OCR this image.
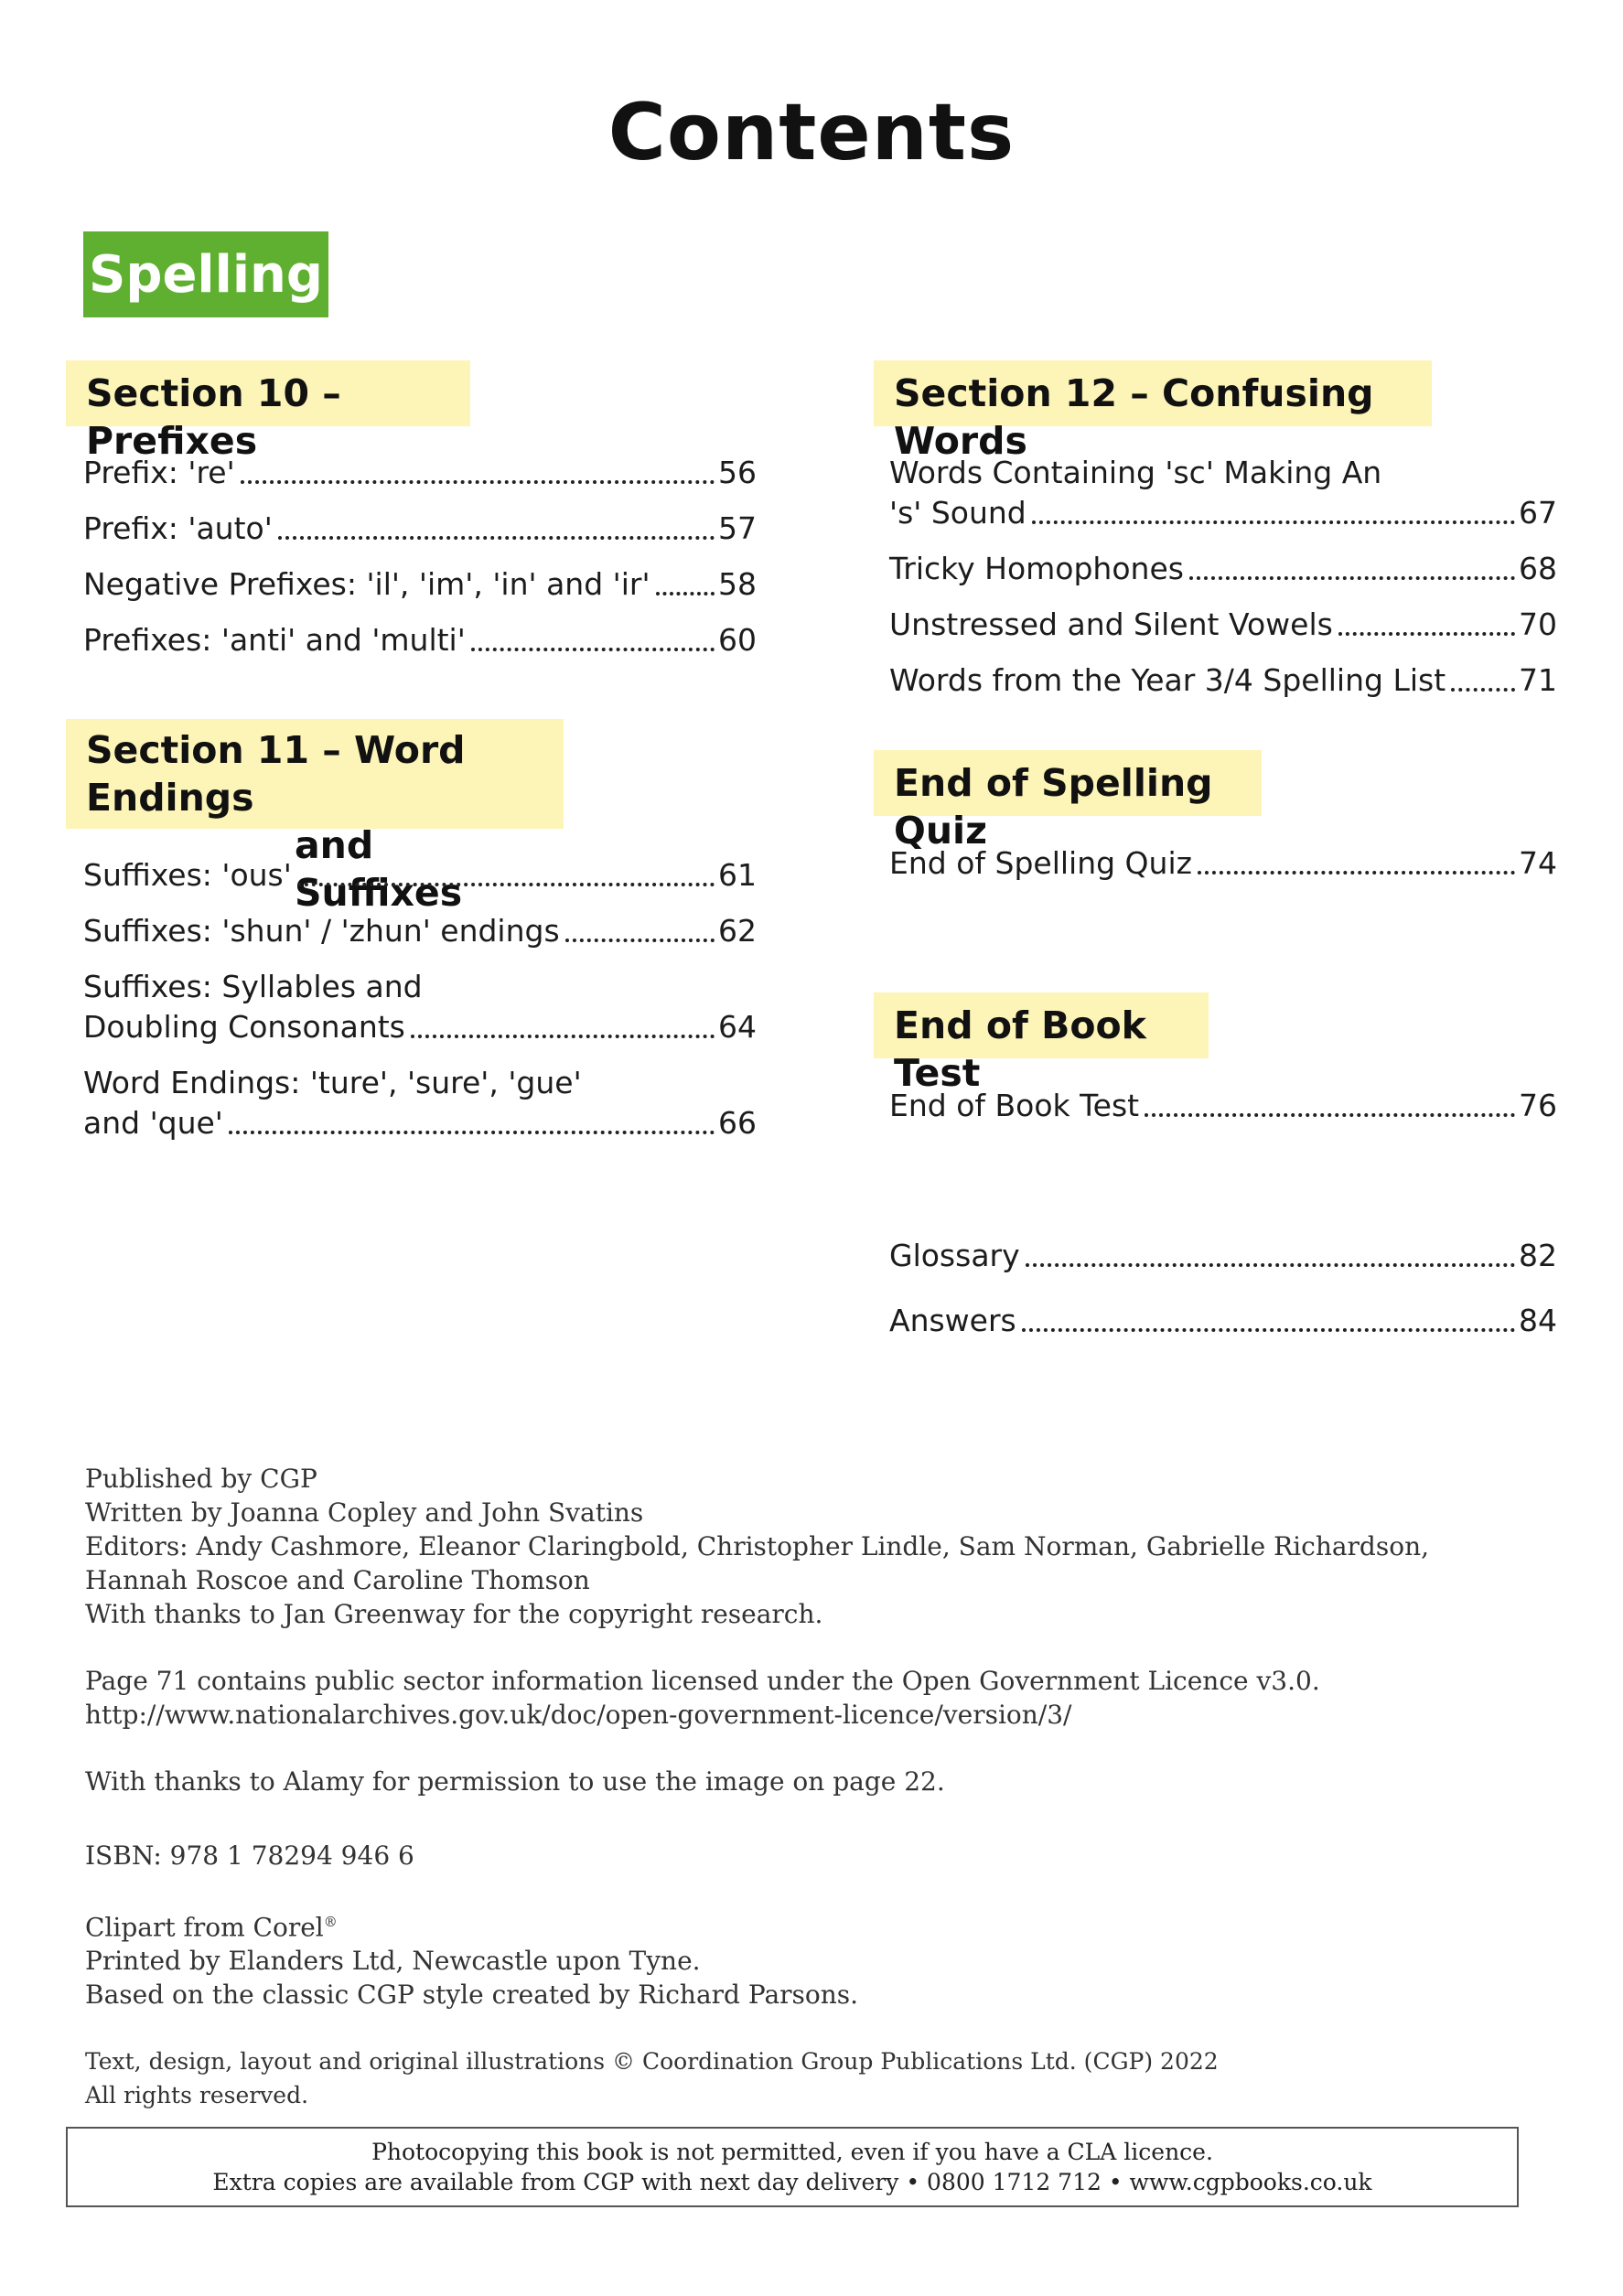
Contents
Spelling
Section 10 – Prefixes
Prefix: 're'	56
Prefix: 'auto'	57
Negative Prefixes: 'il', 'im', 'in' and 'ir' 58
Prefixes: 'anti' and 'multi'	60
Section 11 – Word Endings
and Suffixes
Suffixes: 'ous'	61
Suffixes: 'shun' / 'zhun' endings	62
Suffixes: Syllables and
Doubling Consonants	64
Word Endings: 'ture', 'sure', 'gue'
and 'que'	66
Section 12 – Confusing Words
Words Containing 'sc' Making An
's' Sound	67
Tricky Homophones	68
Unstressed and Silent Vowels	70
Words from the Year 3/4 Spelling List 71
End of Spelling Quiz
End of Spelling Quiz	74
End of Book Test
End of Book Test	76
Glossary	82
Answers	84

Published by CGP

Written by Joanna Copley and John Svatins

Editors: Andy Cashmore, Eleanor Claringbold, Christopher Lindle, Sam Norman, Gabrielle Richardson,

Hannah Roscoe and Caroline Thomson

With thanks to Jan Greenway for the copyright research.

Page 71 contains public sector information licensed under the Open Government Licence v3.0.

http://www.nationalarchives.gov.uk/doc/open-government-licence/version/3/

With thanks to Alamy for permission to use the image on page 22.

ISBN: 978 1 78294 946 6

Clipart from Corel®

Printed by Elanders Ltd, Newcastle upon Tyne.

Based on the classic CGP style created by Richard Parsons.

Text, design, layout and original illustrations © Coordination Group Publications Ltd. (CGP) 2022

All rights reserved.

Photocopying this book is not permitted, even if you have a CLA licence.
Extra copies are available from CGP with next day delivery • 0800 1712 712 • www.cgpbooks.co.uk
